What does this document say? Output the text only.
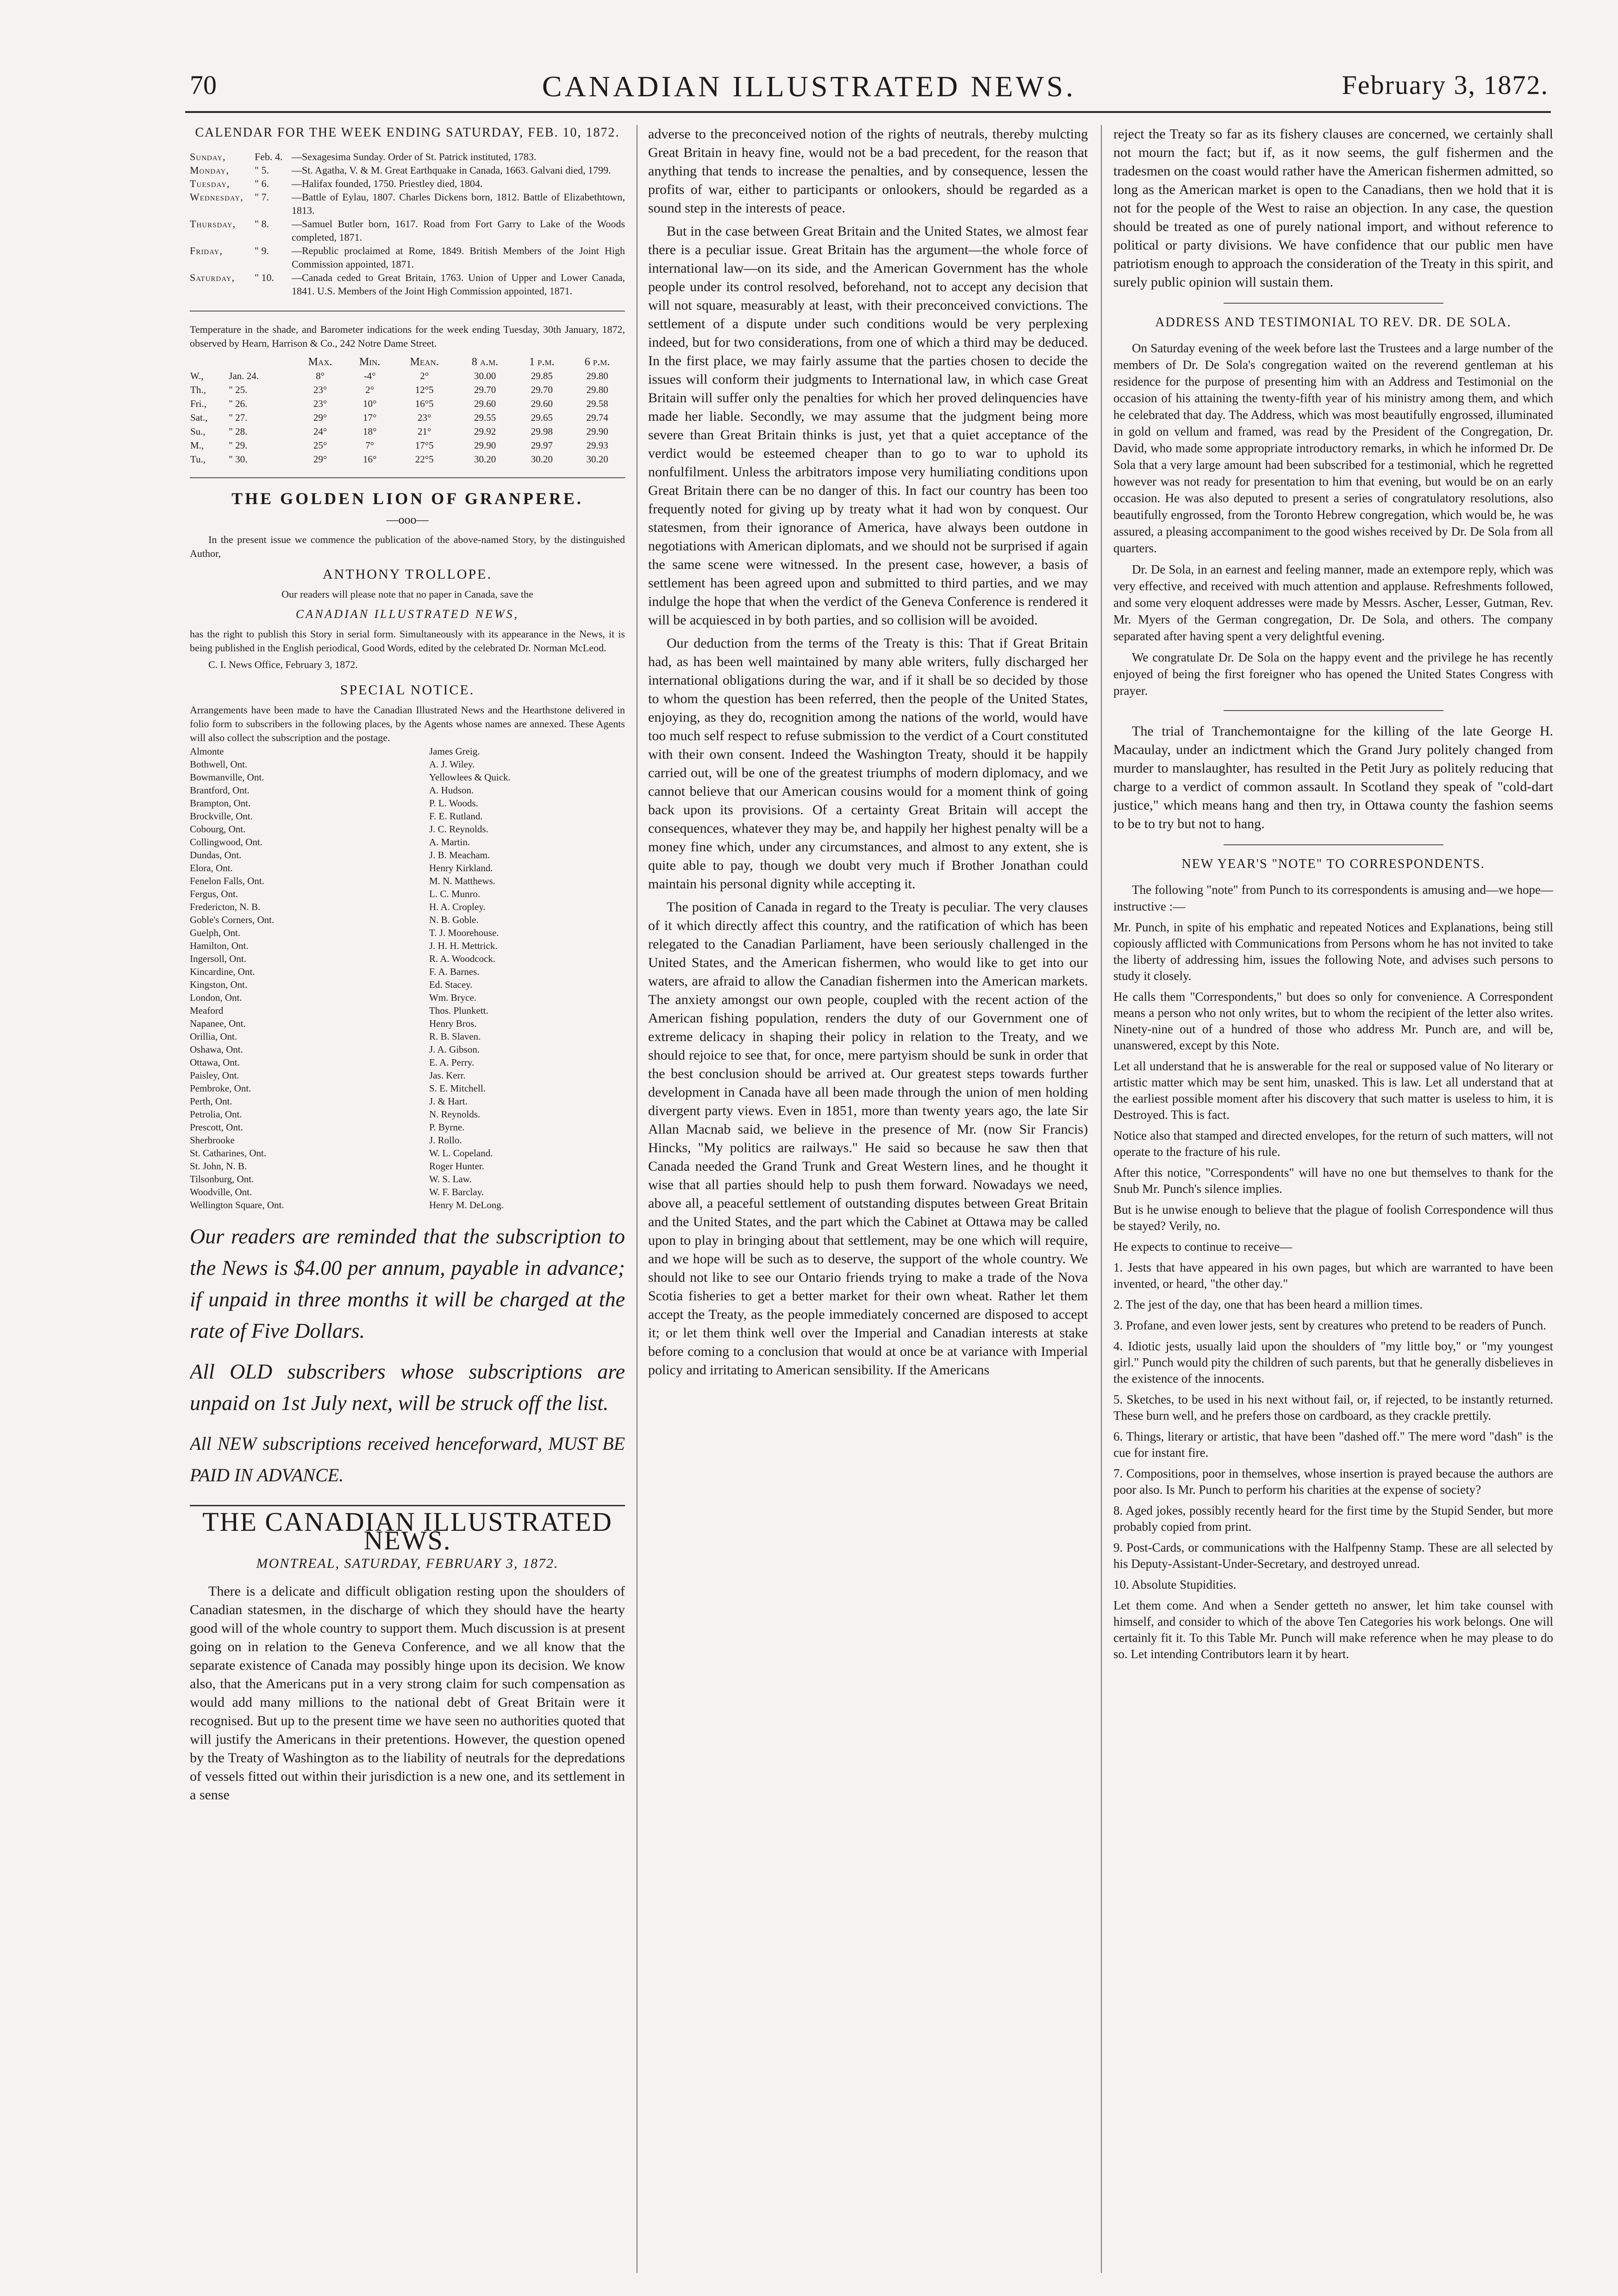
70	CANADIAN ILLUSTRATED NEWS.	February 3, 1872.
CALENDAR FOR THE WEEK ENDING SATURDAY, FEB. 10, 1872.
Sunday,	Feb. 4. —Sexagesima Sunday. Order of St. Patrick instituted, 1783.
Monday,	" 5.	—St. Agatha, V. & M. Great Earthquake in Canada, 1663. Galvani died, 1799.
Tuesday,	" 6.	—Halifax founded, 1750. Priestley died, 1804.
Wednesday,	" 7.	—Battle of Eylau, 1807. Charles Dickens born, 1812. Battle of Elizabethtown, 1813.
Thursday,	" 8.	—Samuel Butler born, 1617. Road from Fort Garry to Lake of the Woods completed, 1871.
Friday,	" 9.	—Republic proclaimed at Rome, 1849. British Members of the Joint High Commission appointed, 1871.
Saturday,	" 10.	—Canada ceded to Great Britain, 1763. Union of Upper and Lower Canada, 1841. U.S. Members of the Joint High Commission appointed, 1871.
Temperature in the shade, and Barometer indications for the week ending Tuesday, 30th January, 1872, observed by Hearn, Harrison & Co., 242 Notre Dame Street.
		Max.	Min.	Mean.	8 a.m.	1 p.m.	6 p.m.
W.,	Jan. 24.	8°	-4°	2°	30.00	29.85	29.80
Th.,	" 25.	23°	2°	12°5	29.70	29.70	29.80
Fri.,	" 26.	23°	10°	16°5	29.60	29.60	29.58
Sat.,	" 27.	29°	17°	23°	29.55	29.65	29.74
Su.,	" 28.	24°	18°	21°	29.92	29.98	29.90
M.,	" 29.	25°	7°	17°5	29.90	29.97	29.93
Tu.,	" 30.	29°	16°	22°5	30.20	30.20	30.20
THE GOLDEN LION OF GRANPERE.
—ooo—

In the present issue we commence the publication of the above-named Story, by the distinguished Author,

ANTHONY TROLLOPE.
Our readers will please note that no paper in Canada, save the
CANADIAN ILLUSTRATED NEWS,
has the right to publish this Story in serial form. Simultaneously with its appearance in the News, it is being published in the English periodical, Good Words, edited by the celebrated Dr. Norman McLeod.
C. I. News Office, February 3, 1872.
SPECIAL NOTICE.
Arrangements have been made to have the Canadian Illustrated News and the Hearthstone delivered in folio form to subscribers in the following places, by the Agents whose names are annexed. These Agents will also collect the subscription and the postage.
Almonte	James Greig.
Bothwell, Ont.	A. J. Wiley.
Bowmanville, Ont.	Yellowlees & Quick.
Brantford, Ont.	A. Hudson.
Brampton, Ont.	P. L. Woods.
Brockville, Ont.	F. E. Rutland.
Cobourg, Ont.	J. C. Reynolds.
Collingwood, Ont.	A. Martin.
Dundas, Ont.	J. B. Meacham.
Elora, Ont.	Henry Kirkland.
Fenelon Falls, Ont.	M. N. Matthews.
Fergus, Ont.	L. C. Munro.
Fredericton, N. B.	H. A. Cropley.
Goble's Corners, Ont.	N. B. Goble.
Guelph, Ont.	T. J. Moorehouse.
Hamilton, Ont.	J. H. H. Mettrick.
Ingersoll, Ont.	R. A. Woodcock.
Kincardine, Ont.	F. A. Barnes.
Kingston, Ont.	Ed. Stacey.
London, Ont.	Wm. Bryce.
Meaford	Thos. Plunkett.
Napanee, Ont.	Henry Bros.
Orillia, Ont.	R. B. Slaven.
Oshawa, Ont.	J. A. Gibson.
Ottawa, Ont.	E. A. Perry.
Paisley, Ont.	Jas. Kerr.
Pembroke, Ont.	S. E. Mitchell.
Perth, Ont.	J. & Hart.
Petrolia, Ont.	N. Reynolds.
Prescott, Ont.	P. Byrne.
Sherbrooke	J. Rollo.
St. Catharines, Ont.	W. L. Copeland.
St. John, N. B.	Roger Hunter.
Tilsonburg, Ont.	W. S. Law.
Woodville, Ont.	W. F. Barclay.
Wellington Square, Ont.	Henry M. DeLong.
Our readers are reminded that the subscription to the News is $4.00 per annum, payable in advance; if unpaid in three months it will be charged at the rate of Five Dollars.
All OLD subscribers whose subscriptions are unpaid on 1st July next, will be struck off the list.
All NEW subscriptions received henceforward, MUST BE PAID IN ADVANCE.
THE CANADIAN ILLUSTRATED NEWS.
MONTREAL, SATURDAY, FEBRUARY 3, 1872.

There is a delicate and difficult obligation resting upon the shoulders of Canadian statesmen, in the discharge of which they should have the hearty good will of the whole country to support them. Much discussion is at present going on in relation to the Geneva Conference, and we all know that the separate existence of Canada may possibly hinge upon its decision. We know also, that the Americans put in a very strong claim for such compensation as would add many millions to the national debt of Great Britain were it recognised. But up to the present time we have seen no authorities quoted that will justify the Americans in their pretentions. However, the question opened by the Treaty of Washington as to the liability of neutrals for the depredations of vessels fitted out within their jurisdiction is a new one, and its settlement in a sense

adverse to the preconceived notion of the rights of neutrals, thereby mulcting Great Britain in heavy fine, would not be a bad precedent, for the reason that anything that tends to increase the penalties, and by consequence, lessen the profits of war, either to participants or onlookers, should be regarded as a sound step in the interests of peace.

But in the case between Great Britain and the United States, we almost fear there is a peculiar issue. Great Britain has the argument—the whole force of international law—on its side, and the American Government has the whole people under its control resolved, beforehand, not to accept any decision that will not square, measurably at least, with their preconceived convictions. The settlement of a dispute under such conditions would be very perplexing indeed, but for two considerations, from one of which a third may be deduced. In the first place, we may fairly assume that the parties chosen to decide the issues will conform their judgments to International law, in which case Great Britain will suffer only the penalties for which her proved delinquencies have made her liable. Secondly, we may assume that the judgment being more severe than Great Britain thinks is just, yet that a quiet acceptance of the verdict would be esteemed cheaper than to go to war to uphold its nonfulfilment. Unless the arbitrators impose very humiliating conditions upon Great Britain there can be no danger of this. In fact our country has been too frequently noted for giving up by treaty what it had won by conquest. Our statesmen, from their ignorance of America, have always been outdone in negotiations with American diplomats, and we should not be surprised if again the same scene were witnessed. In the present case, however, a basis of settlement has been agreed upon and submitted to third parties, and we may indulge the hope that when the verdict of the Geneva Conference is rendered it will be acquiesced in by both parties, and so collision will be avoided.

Our deduction from the terms of the Treaty is this: That if Great Britain had, as has been well maintained by many able writers, fully discharged her international obligations during the war, and if it shall be so decided by those to whom the question has been referred, then the people of the United States, enjoying, as they do, recognition among the nations of the world, would have too much self respect to refuse submission to the verdict of a Court constituted with their own consent. Indeed the Washington Treaty, should it be happily carried out, will be one of the greatest triumphs of modern diplomacy, and we cannot believe that our American cousins would for a moment think of going back upon its provisions. Of a certainty Great Britain will accept the consequences, whatever they may be, and happily her highest penalty will be a money fine which, under any circumstances, and almost to any extent, she is quite able to pay, though we doubt very much if Brother Jonathan could maintain his personal dignity while accepting it.

The position of Canada in regard to the Treaty is peculiar. The very clauses of it which directly affect this country, and the ratification of which has been relegated to the Canadian Parliament, have been seriously challenged in the United States, and the American fishermen, who would like to get into our waters, are afraid to allow the Canadian fishermen into the American markets. The anxiety amongst our own people, coupled with the recent action of the American fishing population, renders the duty of our Government one of extreme delicacy in shaping their policy in relation to the Treaty, and we should rejoice to see that, for once, mere partyism should be sunk in order that the best conclusion should be arrived at. Our greatest steps towards further development in Canada have all been made through the union of men holding divergent party views. Even in 1851, more than twenty years ago, the late Sir Allan Macnab said, we believe in the presence of Mr. (now Sir Francis) Hincks, "My politics are railways." He said so because he saw then that Canada needed the Grand Trunk and Great Western lines, and he thought it wise that all parties should help to push them forward. Nowadays we need, above all, a peaceful settlement of outstanding disputes between Great Britain and the United States, and the part which the Cabinet at Ottawa may be called upon to play in bringing about that settlement, may be one which will require, and we hope will be such as to deserve, the support of the whole country. We should not like to see our Ontario friends trying to make a trade of the Nova Scotia fisheries to get a better market for their own wheat. Rather let them accept the Treaty, as the people immediately concerned are disposed to accept it; or let them think well over the Imperial and Canadian interests at stake before coming to a conclusion that would at once be at variance with Imperial policy and irritating to American sensibility. If the Americans

reject the Treaty so far as its fishery clauses are concerned, we certainly shall not mourn the fact; but if, as it now seems, the gulf fishermen and the tradesmen on the coast would rather have the American fishermen admitted, so long as the American market is open to the Canadians, then we hold that it is not for the people of the West to raise an objection. In any case, the question should be treated as one of purely national import, and without reference to political or party divisions. We have confidence that our public men have patriotism enough to approach the consideration of the Treaty in this spirit, and surely public opinion will sustain them.

ADDRESS AND TESTIMONIAL TO REV. DR. DE SOLA.

On Saturday evening of the week before last the Trustees and a large number of the members of Dr. De Sola's congregation waited on the reverend gentleman at his residence for the purpose of presenting him with an Address and Testimonial on the occasion of his attaining the twenty-fifth year of his ministry among them, and which he celebrated that day. The Address, which was most beautifully engrossed, illuminated in gold on vellum and framed, was read by the President of the Congregation, Dr. David, who made some appropriate introductory remarks, in which he informed Dr. De Sola that a very large amount had been subscribed for a testimonial, which he regretted however was not ready for presentation to him that evening, but would be on an early occasion. He was also deputed to present a series of congratulatory resolutions, also beautifully engrossed, from the Toronto Hebrew congregation, which would be, he was assured, a pleasing accompaniment to the good wishes received by Dr. De Sola from all quarters.

Dr. De Sola, in an earnest and feeling manner, made an extempore reply, which was very effective, and received with much attention and applause. Refreshments followed, and some very eloquent addresses were made by Messrs. Ascher, Lesser, Gutman, Rev. Mr. Myers of the German congregation, Dr. De Sola, and others. The company separated after having spent a very delightful evening.

We congratulate Dr. De Sola on the happy event and the privilege he has recently enjoyed of being the first foreigner who has opened the United States Congress with prayer.

The trial of Tranchemontaigne for the killing of the late George H. Macaulay, under an indictment which the Grand Jury politely changed from murder to manslaughter, has resulted in the Petit Jury as politely reducing that charge to a verdict of common assault. In Scotland they speak of "cold-dart justice," which means hang and then try, in Ottawa county the fashion seems to be to try but not to hang.

NEW YEAR'S "NOTE" TO CORRESPONDENTS.

The following "note" from Punch to its correspondents is amusing and—we hope—instructive :—

Mr. Punch, in spite of his emphatic and repeated Notices and Explanations, being still copiously afflicted with Communications from Persons whom he has not invited to take the liberty of addressing him, issues the following Note, and advises such persons to study it closely.

He calls them "Correspondents," but does so only for convenience. A Correspondent means a person who not only writes, but to whom the recipient of the letter also writes. Ninety-nine out of a hundred of those who address Mr. Punch are, and will be, unanswered, except by this Note.

Let all understand that he is answerable for the real or supposed value of No literary or artistic matter which may be sent him, unasked. This is law. Let all understand that at the earliest possible moment after his discovery that such matter is useless to him, it is Destroyed. This is fact.

Notice also that stamped and directed envelopes, for the return of such matters, will not operate to the fracture of his rule.

After this notice, "Correspondents" will have no one but themselves to thank for the Snub Mr. Punch's silence implies.

But is he unwise enough to believe that the plague of foolish Correspondence will thus be stayed? Verily, no.

He expects to continue to receive—

1. Jests that have appeared in his own pages, but which are warranted to have been invented, or heard, "the other day."

2. The jest of the day, one that has been heard a million times.

3. Profane, and even lower jests, sent by creatures who pretend to be readers of Punch.

4. Idiotic jests, usually laid upon the shoulders of "my little boy," or "my youngest girl." Punch would pity the children of such parents, but that he generally disbelieves in the existence of the innocents.

5. Sketches, to be used in his next without fail, or, if rejected, to be instantly returned. These burn well, and he prefers those on cardboard, as they crackle prettily.

6. Things, literary or artistic, that have been "dashed off." The mere word "dash" is the cue for instant fire.

7. Compositions, poor in themselves, whose insertion is prayed because the authors are poor also. Is Mr. Punch to perform his charities at the expense of society?

8. Aged jokes, possibly recently heard for the first time by the Stupid Sender, but more probably copied from print.

9. Post-Cards, or communications with the Halfpenny Stamp. These are all selected by his Deputy-Assistant-Under-Secretary, and destroyed unread.

10. Absolute Stupidities.

Let them come. And when a Sender getteth no answer, let him take counsel with himself, and consider to which of the above Ten Categories his work belongs. One will certainly fit it. To this Table Mr. Punch will make reference when he may please to do so. Let intending Contributors learn it by heart.
